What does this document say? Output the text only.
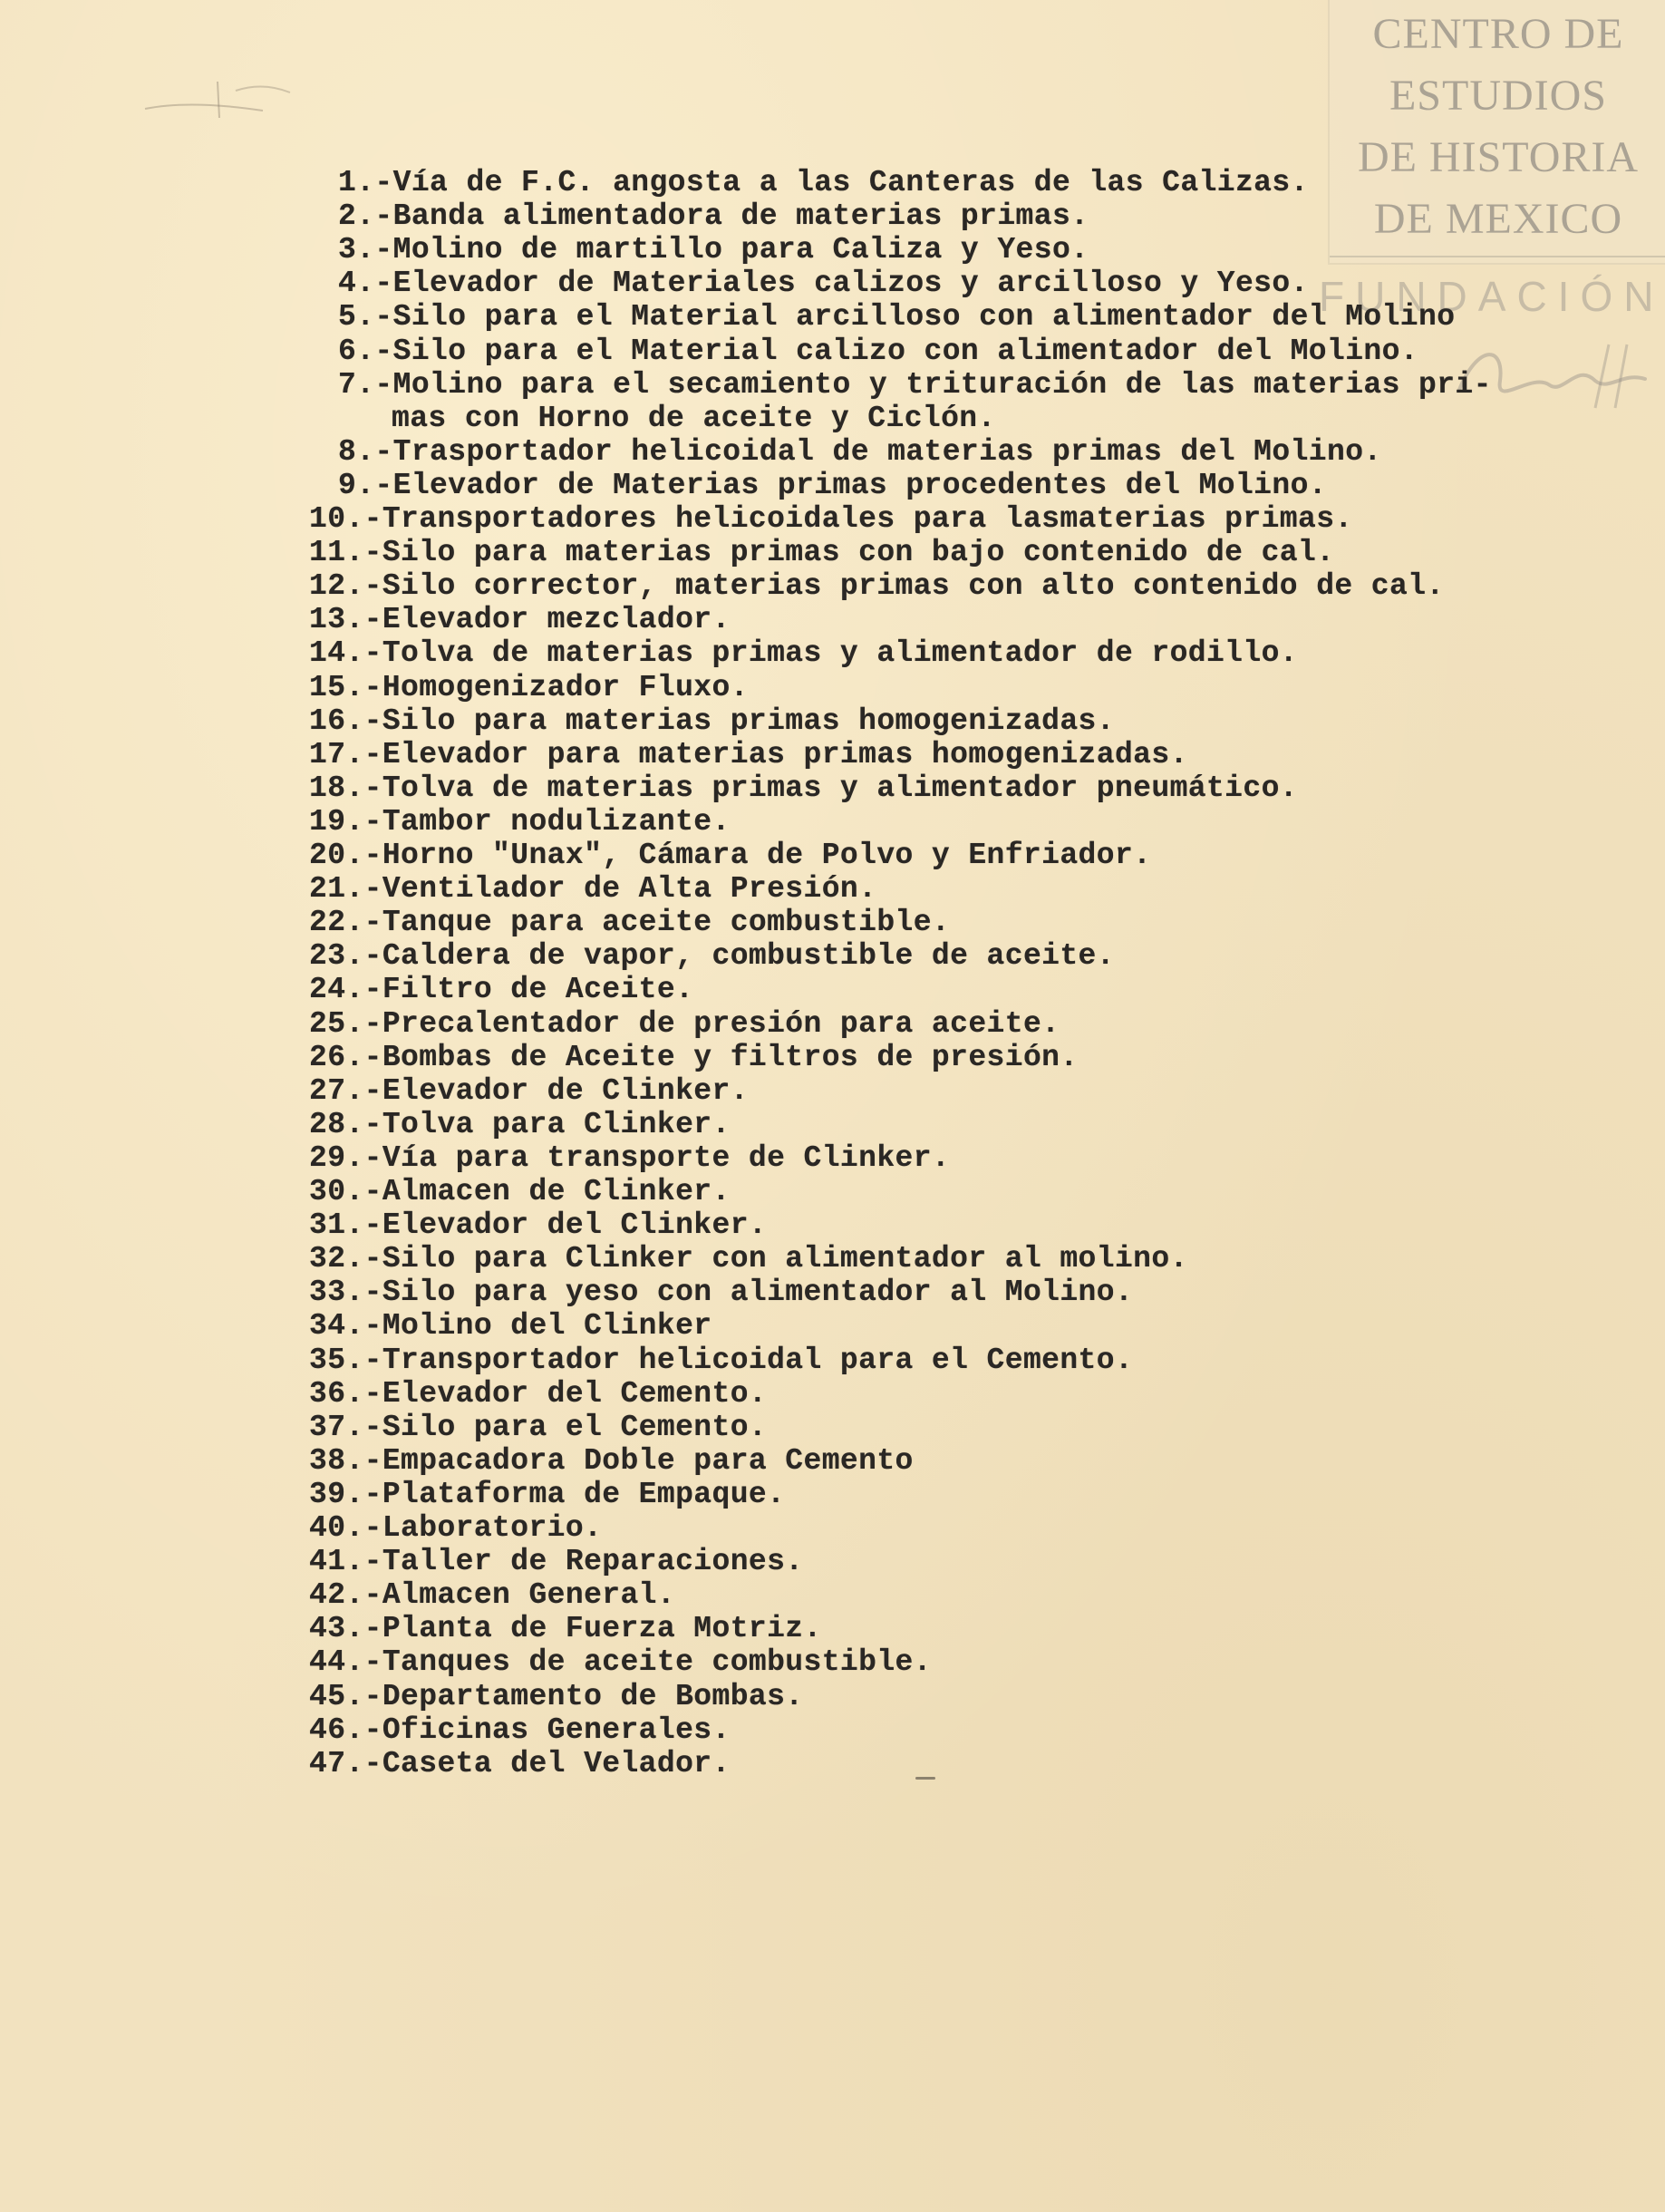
CENTRO DE
ESTUDIOS
DE HISTORIA
DE MEXICO
FUNDACIÓN
1.-Vía de F.C. angosta a las Canteras de las Calizas.
2.-Banda alimentadora de materias primas.
3.-Molino de martillo para Caliza y Yeso.
4.-Elevador de Materiales calizos y arcilloso y Yeso.
5.-Silo para el Material arcilloso con alimentador del Molino
6.-Silo para el Material calizo con alimentador del Molino.
7.-Molino para el secamiento y trituración de las materias pri-
mas con Horno de aceite y Ciclón.
8.-Trasportador helicoidal de materias primas del Molino.
9.-Elevador de Materias primas procedentes del Molino.
10.-Transportadores helicoidales para lasmaterias primas.
11.-Silo para materias primas con bajo contenido de cal.
12.-Silo corrector, materias primas con alto contenido de cal.
13.-Elevador mezclador.
14.-Tolva de materias primas y alimentador de rodillo.
15.-Homogenizador Fluxo.
16.-Silo para materias primas homogenizadas.
17.-Elevador para materias primas homogenizadas.
18.-Tolva de materias primas y alimentador pneumático.
19.-Tambor nodulizante.
20.-Horno "Unax", Cámara de Polvo y Enfriador.
21.-Ventilador de Alta Presión.
22.-Tanque para aceite combustible.
23.-Caldera de vapor, combustible de aceite.
24.-Filtro de Aceite.
25.-Precalentador de presión para aceite.
26.-Bombas de Aceite y filtros de presión.
27.-Elevador de Clinker.
28.-Tolva para Clinker.
29.-Vía para transporte de Clinker.
30.-Almacen de Clinker.
31.-Elevador del Clinker.
32.-Silo para Clinker con alimentador al molino.
33.-Silo para yeso con alimentador al Molino.
34.-Molino del Clinker
35.-Transportador helicoidal para el Cemento.
36.-Elevador del Cemento.
37.-Silo para el Cemento.
38.-Empacadora Doble para Cemento
39.-Plataforma de Empaque.
40.-Laboratorio.
41.-Taller de Reparaciones.
42.-Almacen General.
43.-Planta de Fuerza Motriz.
44.-Tanques de aceite combustible.
45.-Departamento de Bombas.
46.-Oficinas Generales.
47.-Caseta del Velador.
